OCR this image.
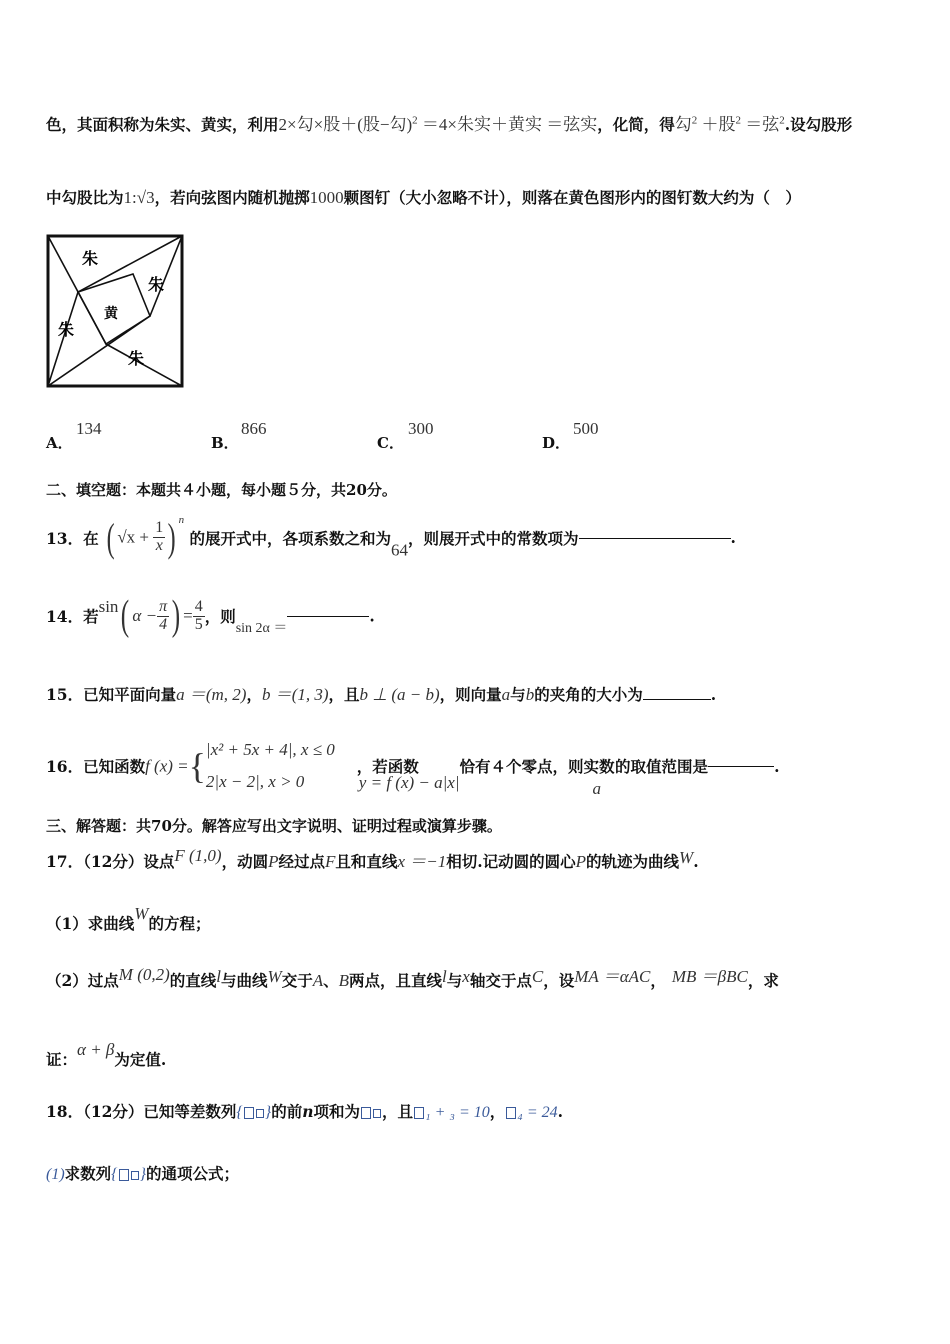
色，其面积称为朱实、黄实，利用2×勾×股＋(股−勾)$^2$ ＝4×朱实＋黄实 ＝弦实，化简，得勾$^2$ ＋股$^2$ ＝弦$^2$.设勾股形
中勾股比为1:√3，若向弦图内随机抛掷1000颗图钉（大小忽略不计），则落在黄色图形内的图钉数大约为（　）
朱
朱
黄
朱
朱
A．
134
B．
866
C．
300
D．
500
二、填空题：本题共４小题，每小题５分，共20分。
13．在 ( $√x + \frac{1}{x}$ ) $^n$ 的展开式中，各项系数之和为64，则展开式中的常数项为	.
14．若sin( $\alpha - \frac{\pi}{4}$ ) = $\frac{4}{5}$ ，则sin 2α ＝.
15．已知平面向量a ＝(m, 2)，b ＝(1, 3)，且b ⊥ (a − b)，则向量a与b的夹角的大小为	.
16．已知函数f (x) ={ |x² + 5x + 4|, x ≤ 0
2|x − 2|, x > 0
，若函数y = f (x) − a|x|恰有４个零点，则实数a的取值范围是	.
三、解答题：共70分。解答应写出文字说明、证明过程或演算步骤。
17．（12分）设点F (1,0)，动圆P经过点F且和直线x ＝−1相切.记动圆的圆心P的轨迹为曲线W.
（1）求曲线W的方程；
（2）过点M (0,2)的直线l与曲线W交于A、B两点，且直线l与x轴交于点C，设MA ＝αAC， MB ＝βBC，求
证：α + β为定值.
18．（12分）已知等差数列{ }的前n项和为 ，且 ₁ + ₃ = 10， ₄ = 24.
(1)求数列{ }的通项公式；
